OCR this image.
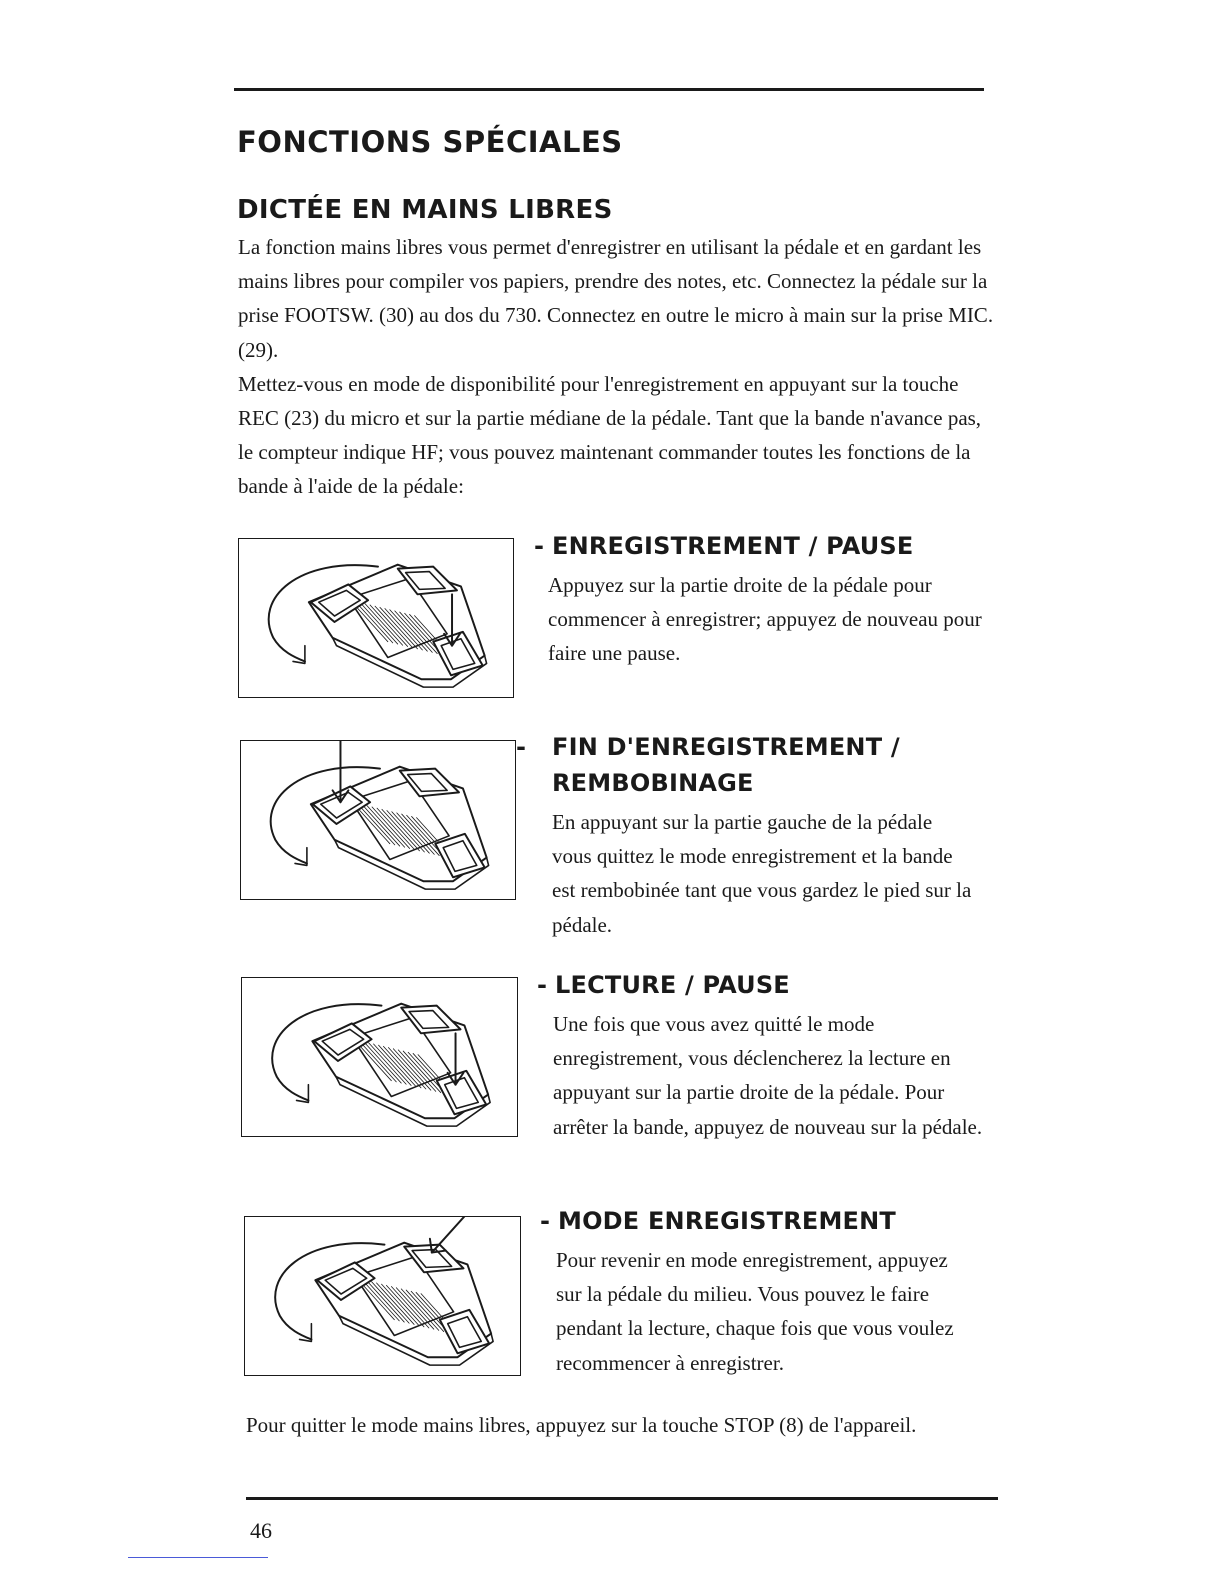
FONCTIONS SPÉCIALES
DICTÉE EN MAINS LIBRES

La fonction mains libres vous permet d'enregistrer en utilisant la pédale et en gardant les mains libres pour compiler vos papiers, prendre des notes, etc. Connectez la pédale sur la prise FOOTSW. (30) au dos du 730. Connectez en outre le micro à main sur la prise MIC. (29).

Mettez-vous en mode de disponibilité pour l'enregistrement en appuyant sur la touche REC (23) du micro et sur la partie médiane de la pédale. Tant que la bande n'avance pas, le compteur indique HF; vous pouvez maintenant commander toutes les fonctions de la bande à l'aide de la pédale:

- ENREGISTREMENT / PAUSE

Appuyez sur la partie droite de la pédale pour commencer à enregistrer; appuyez de nouveau pour faire une pause.

- FIN D'ENREGISTREMENT / REMBOBINAGE

En appuyant sur la partie gauche de la pédale vous quittez le mode enregistrement et la bande est rembobinée tant que vous gardez le pied sur la pédale.

- LECTURE / PAUSE

Une fois que vous avez quitté le mode enregistrement, vous déclencherez la lecture en appuyant sur la partie droite de la pédale. Pour arrêter la bande, appuyez de nouveau sur la pédale.

- MODE ENREGISTREMENT

Pour revenir en mode enregistrement, appuyez sur la pédale du milieu. Vous pouvez le faire pendant la lecture, chaque fois que vous voulez recommencer à enregistrer.

Pour quitter le mode mains libres, appuyez sur la touche STOP (8) de l'appareil.

46
